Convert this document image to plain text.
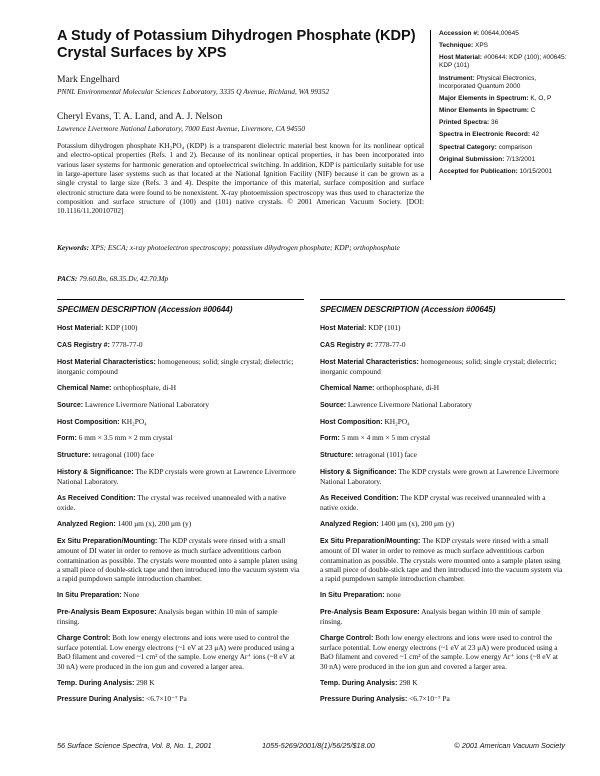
A Study of Potassium Dihydrogen Phosphate (KDP) Crystal Surfaces by XPS
Mark Engelhard
PNNL Environmental Molecular Sciences Laboratory, 3335 Q Avenue, Richland, WA 99352
Cheryl Evans, T. A. Land, and A. J. Nelson
Lawrence Livermore National Laboratory, 7000 East Avenue, Livermore, CA 94550

Potassium dihydrogen phosphate KH₂PO₄ (KDP) is a transparent dielectric material best known for its nonlinear optical and electro-optical properties (Refs. 1 and 2). Because of its nonlinear optical properties, it has been incorporated into various laser systems for harmonic generation and optoelectrical switching. In addition, KDP is particularly suitable for use in large-aperture laser systems such as that located at the National Ignition Facility (NIF) because it can be grown as a single crystal to large size (Refs. 3 and 4). Despite the importance of this material, surface composition and surface electronic structure data were found to be nonexistent. X-ray photoemission spectroscopy was thus used to characterize the composition and surface structure of (100) and (101) native crystals. © 2001 American Vacuum Society. [DOI: 10.1116/11.20010702]

Keywords: XPS; ESCA; x-ray photoelectron spectroscopy; potassium dihydrogen phosphate; KDP; orthophosphate

PACS: 79.60.Bn, 68.35.Dv, 42.70.Mp
Accession #: 00644,00645
Technique: XPS
Host Material: #00644: KDP (100); #00645: KDP (101)
Instrument: Physical Electronics, Incorporated Quantum 2000
Major Elements in Spectrum: K, O, P
Minor Elements in Spectrum: C
Printed Spectra: 36
Spectra in Electronic Record: 42
Spectral Category: comparison
Original Submission: 7/13/2001
Accepted for Publication: 10/15/2001
SPECIMEN DESCRIPTION (Accession #00644)
Host Material: KDP (100)
CAS Registry #: 7778-77-0
Host Material Characteristics: homogeneous; solid; single crystal; dielectric; inorganic compound
Chemical Name: orthophosphate, di-H
Source: Lawrence Livermore National Laboratory
Host Composition: KH₂PO₄
Form: 6 mm × 3.5 mm × 2 mm crystal
Structure: tetragonal (100) face
History & Significance: The KDP crystals were grown at Lawrence Livermore National Laboratory.
As Received Condition: The crystal was received unannealed with a native oxide.
Analyzed Region: 1400 μm (x), 200 μm (y)
Ex Situ Preparation/Mounting: The KDP crystals were rinsed with a small amount of DI water in order to remove as much surface adventitious carbon contamination as possible. The crystals were mounted onto a sample platen using a small piece of double-stick tape and then introduced into the vacuum system via a rapid pumpdown sample introduction chamber.
In Situ Preparation: None
Pre-Analysis Beam Exposure: Analysis began within 10 min of sample rinsing.
Charge Control: Both low energy electrons and ions were used to control the surface potential. Low energy electrons (~1 eV at 23 μA) were produced using a BaO filament and covered ~1 cm² of the sample. Low energy Ar⁺ ions (~8 eV at 30 nA) were produced in the ion gun and covered a larger area.
Temp. During Analysis: 298 K
Pressure During Analysis: <6.7×10⁻⁷ Pa
SPECIMEN DESCRIPTION (Accession #00645)
Host Material: KDP (101)
CAS Registry #: 7778-77-0
Host Material Characteristics: homogeneous; solid; single crystal; dielectric; inorganic compound
Chemical Name: orthophosphate, di-H
Source: Lawrence Livermore National Laboratory
Host Composition: KH₂PO₄
Form: 5 mm × 4 mm × 5 mm crystal
Structure: tetragonal (101) face
History & Significance: The KDP crystals were grown at Lawrence Livermore National Laboratory.
As Received Condition: The KDP crystal was received unannealed with a native oxide.
Analyzed Region: 1400 μm (x), 200 μm (y)
Ex Situ Preparation/Mounting: The KDP crystals were rinsed with a small amount of DI water in order to remove as much surface adventitious carbon contamination as possible. The crystals were mounted onto a sample platen using a small piece of double-stick tape and then introduced into the vacuum system via a rapid pumpdown sample introduction chamber.
In Situ Preparation: none
Pre-Analysis Beam Exposure: Analysis began within 10 min of sample rinsing.
Charge Control: Both low energy electrons and ions were used to control the surface potential. Low energy electrons (~1 eV at 23 μA) were produced using a BaO filament and covered ~1 cm² of the sample. Low energy Ar⁺ ions (~8 eV at 30 nA) were produced in the ion gun and covered a larger area.
Temp. During Analysis: 298 K
Pressure During Analysis: <6.7×10⁻⁷ Pa
56 Surface Science Spectra, Vol. 8, No. 1, 2001	1055-5269/2001/8(1)/56/25/$18.00	© 2001 American Vacuum Society
